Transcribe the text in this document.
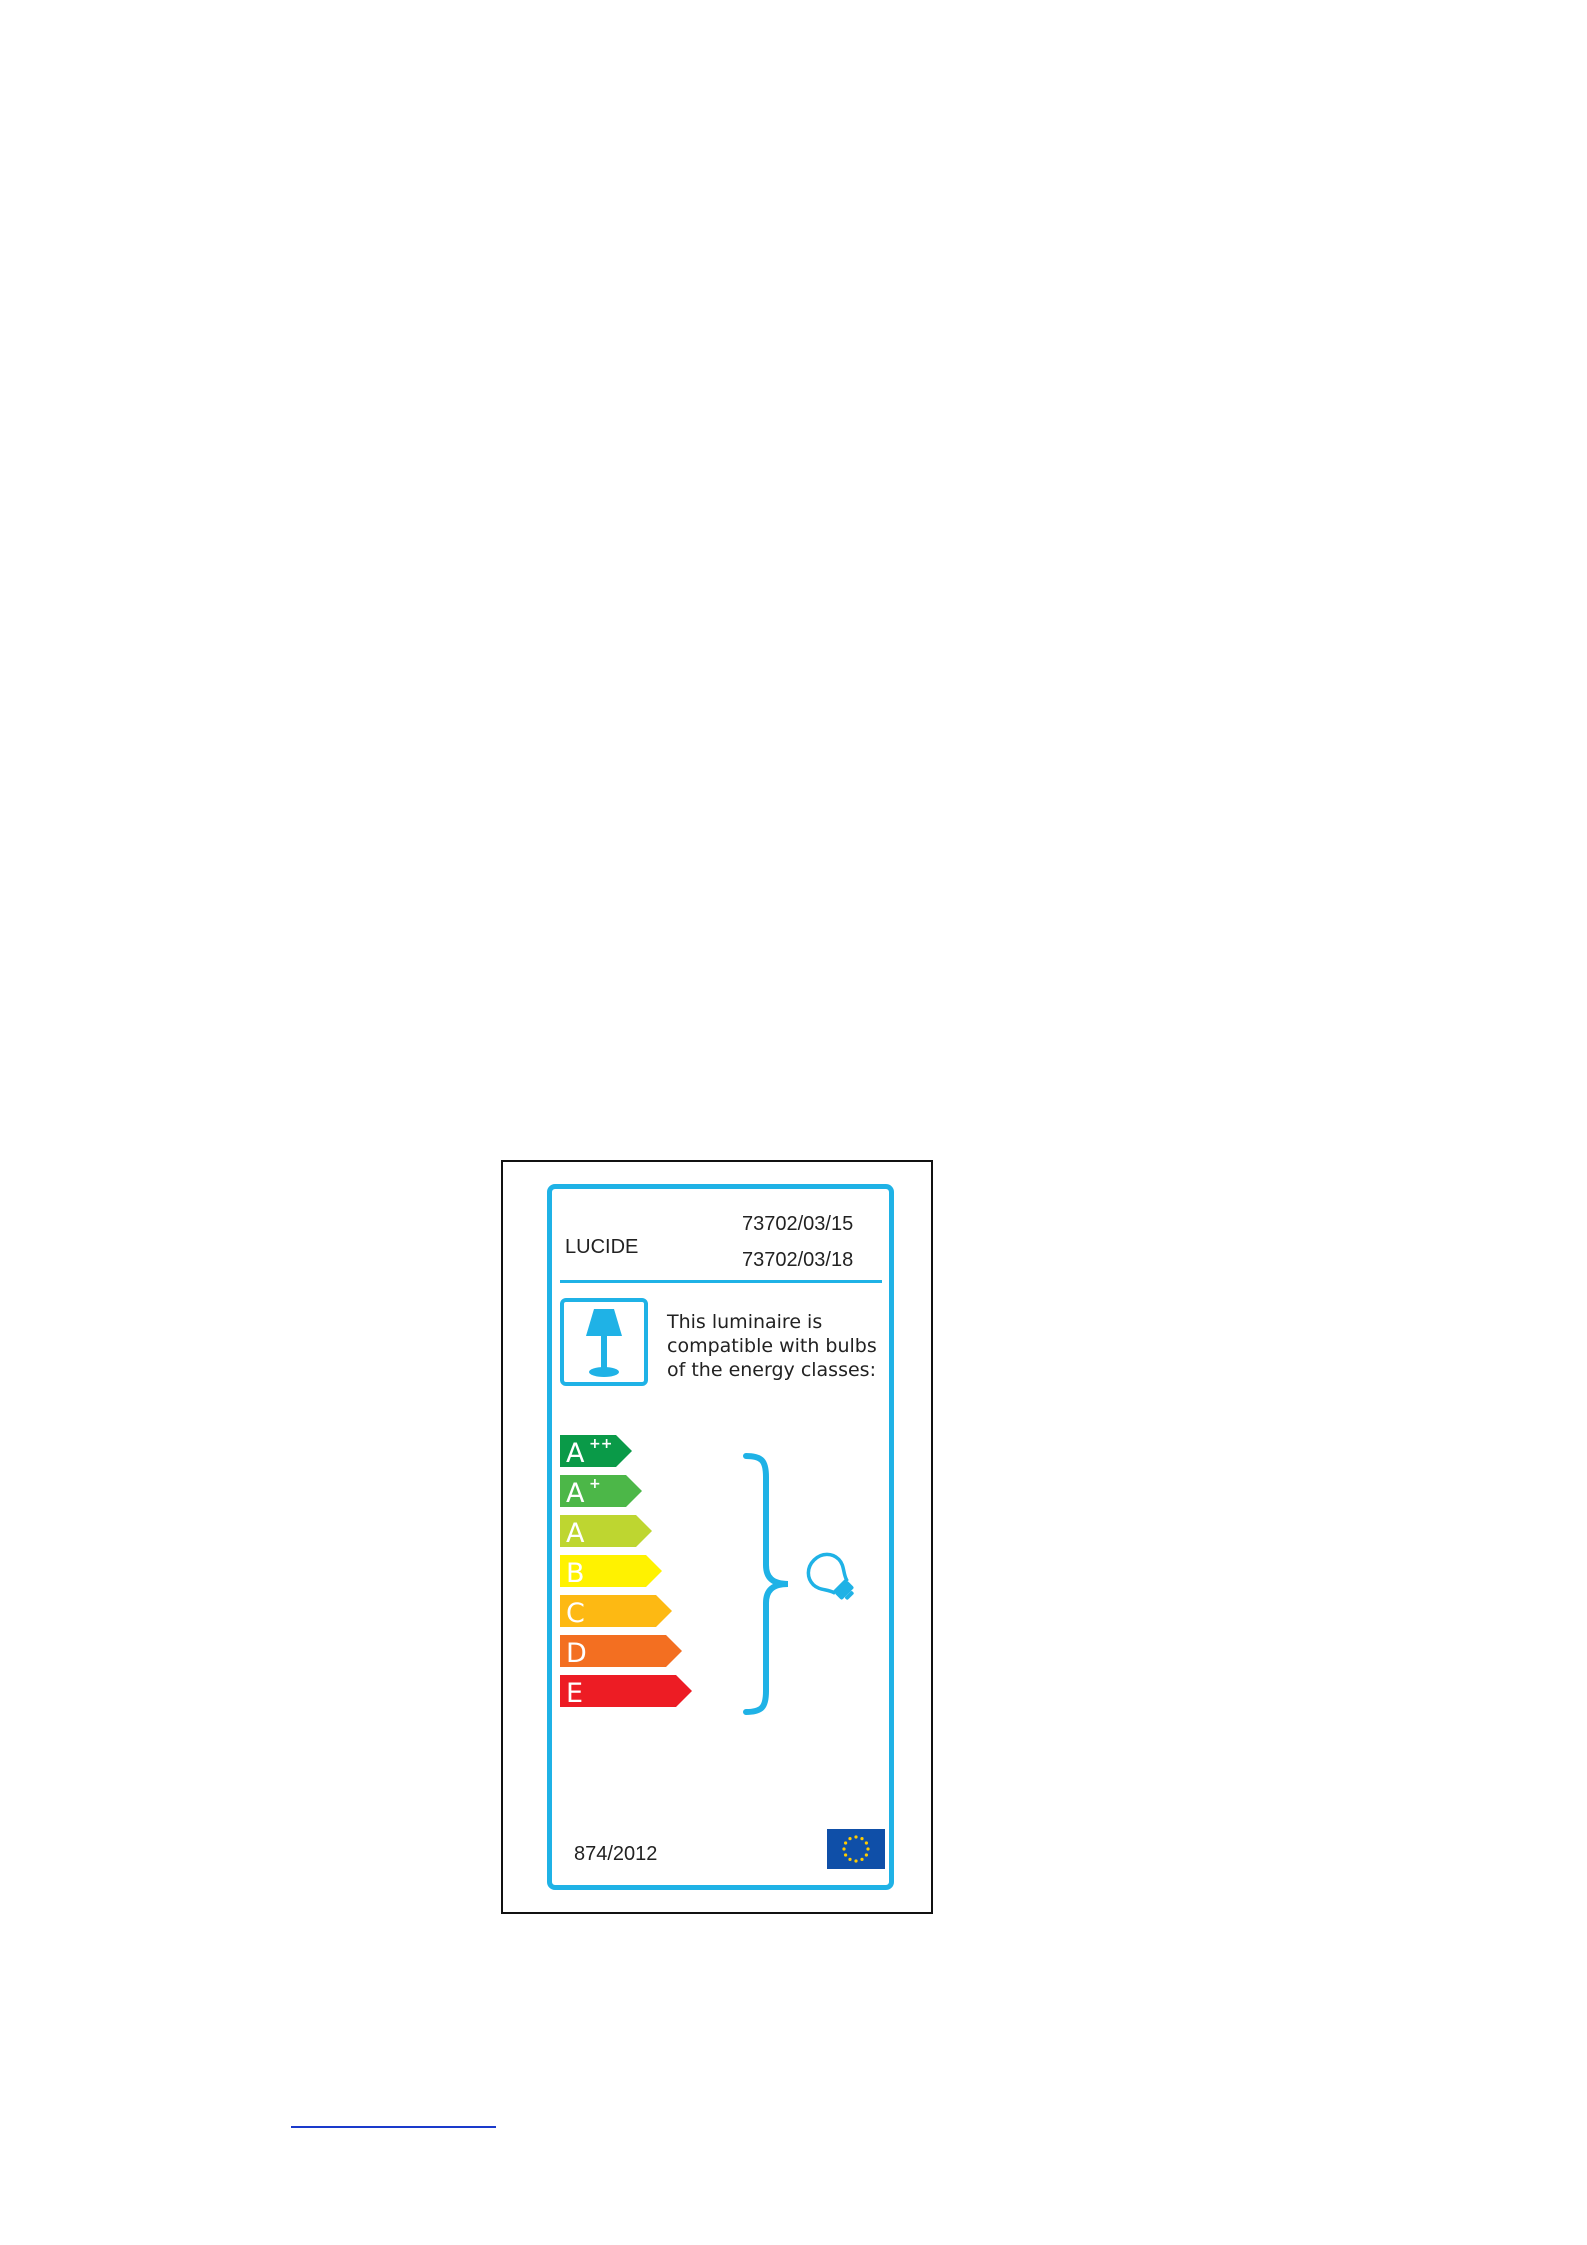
LUCIDE
73702/03/15
73702/03/18
This luminaire is
compatible with bulbs
of the energy classes:
A ++
A +
A
B
C
D
E
874/2012
